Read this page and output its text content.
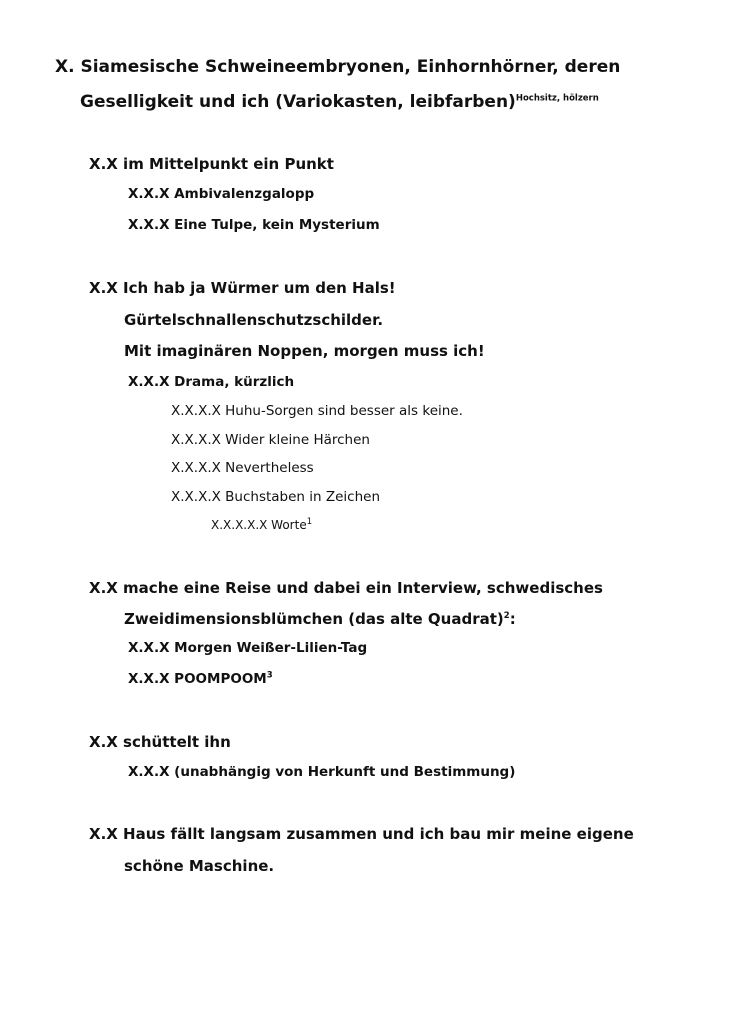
X. Siamesische Schweineembryonen, Einhornhörner, deren

Geselligkeit und ich (Variokasten, leibfarben)$^{Hochsitz, hölzern}$

X.X im Mittelpunkt ein Punkt

X.X.X Ambivalenzgalopp

X.X.X Eine Tulpe, kein Mysterium

X.X Ich hab ja Würmer um den Hals!

Gürtelschnallenschutzschilder.

Mit imaginären Noppen, morgen muss ich!

X.X.X Drama, kürzlich

X.X.X.X Huhu-Sorgen sind besser als keine.

X.X.X.X Wider kleine Härchen

X.X.X.X Nevertheless

X.X.X.X Buchstaben in Zeichen

X.X.X.X.X Worte$^1$

X.X mache eine Reise und dabei ein Interview, schwedisches

Zweidimensionsblümchen (das alte Quadrat)$^2$:

X.X.X Morgen Weißer-Lilien-Tag

X.X.X POOMPOOM$^3$

X.X schüttelt ihn

X.X.X (unabhängig von Herkunft und Bestimmung)

X.X Haus fällt langsam zusammen und ich bau mir meine eigene

schöne Maschine.
